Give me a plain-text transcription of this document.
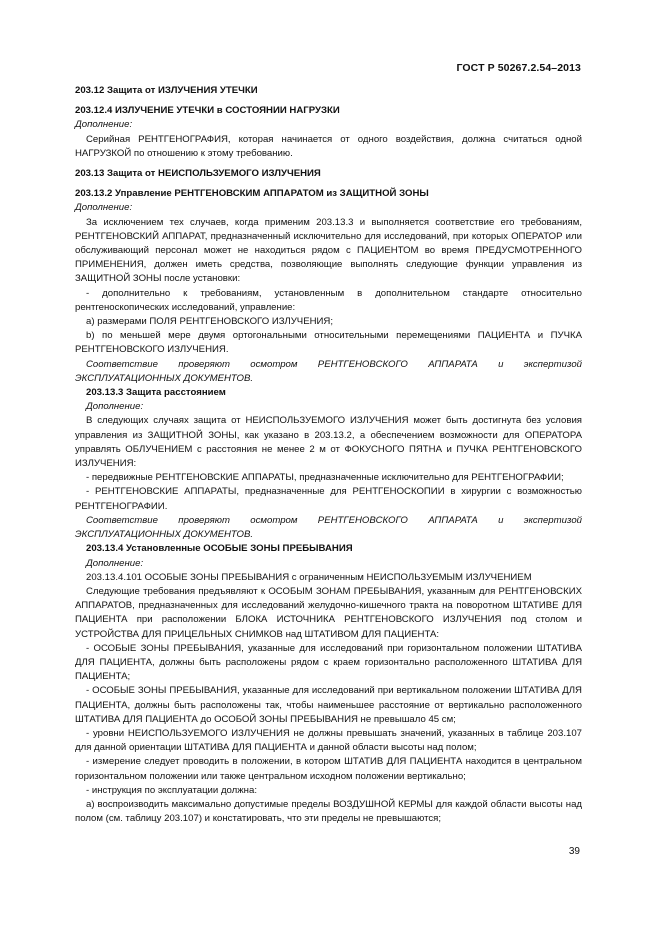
ГОСТ Р 50267.2.54–2013

203.12 Защита от ИЗЛУЧЕНИЯ УТЕЧКИ

203.12.4 ИЗЛУЧЕНИЕ УТЕЧКИ в СОСТОЯНИИ НАГРУЗКИ

Дополнение:

Серийная РЕНТГЕНОГРАФИЯ, которая начинается от одного воздействия, должна считаться одной НАГРУЗКОЙ по отношению к этому требованию.

203.13 Защита от НЕИСПОЛЬЗУЕМОГО ИЗЛУЧЕНИЯ

203.13.2 Управление РЕНТГЕНОВСКИМ АППАРАТОМ из ЗАЩИТНОЙ ЗОНЫ

Дополнение:

За исключением тех случаев, когда применим 203.13.3 и выполняется соответствие его требованиям, РЕНТГЕНОВСКИЙ АППАРАТ, предназначенный исключительно для исследований, при которых ОПЕРАТОР или обслуживающий персонал может не находиться рядом с ПАЦИЕНТОМ во время ПРЕДУСМОТРЕННОГО ПРИМЕНЕНИЯ, должен иметь средства, позволяющие выполнять следующие функции управления из ЗАЩИТНОЙ ЗОНЫ после установки:

- дополнительно к требованиям, установленным в дополнительном стандарте относительно рентгеноскопических исследований, управление:

a) размерами ПОЛЯ РЕНТГЕНОВСКОГО ИЗЛУЧЕНИЯ;

b) по меньшей мере двумя ортогональными относительными перемещениями ПАЦИЕНТА и ПУЧКА РЕНТГЕНОВСКОГО ИЗЛУЧЕНИЯ.

Соответствие проверяют осмотром РЕНТГЕНОВСКОГО АППАРАТА и экспертизой ЭКСПЛУАТАЦИОННЫХ ДОКУМЕНТОВ.

203.13.3 Защита расстоянием

Дополнение:

В следующих случаях защита от НЕИСПОЛЬЗУЕМОГО ИЗЛУЧЕНИЯ может быть достигнута без условия управления из ЗАЩИТНОЙ ЗОНЫ, как указано в 203.13.2, а обеспечением возможности для ОПЕРАТОРА управлять ОБЛУЧЕНИЕМ с расстояния не менее 2 м от ФОКУСНОГО ПЯТНА и ПУЧКА РЕНТГЕНОВСКОГО ИЗЛУЧЕНИЯ:

- передвижные РЕНТГЕНОВСКИЕ АППАРАТЫ, предназначенные исключительно для РЕНТГЕНОГРАФИИ;

- РЕНТГЕНОВСКИЕ АППАРАТЫ, предназначенные для РЕНТГЕНОСКОПИИ в хирургии с возможностью РЕНТГЕНОГРАФИИ.

Соответствие проверяют осмотром РЕНТГЕНОВСКОГО АППАРАТА и экспертизой ЭКСПЛУАТАЦИОННЫХ ДОКУМЕНТОВ.

203.13.4 Установленные ОСОБЫЕ ЗОНЫ ПРЕБЫВАНИЯ

Дополнение:

203.13.4.101 ОСОБЫЕ ЗОНЫ ПРЕБЫВАНИЯ с ограниченным НЕИСПОЛЬЗУЕМЫМ ИЗЛУЧЕНИЕМ

Следующие требования предъявляют к ОСОБЫМ ЗОНАМ ПРЕБЫВАНИЯ, указанным для РЕНТГЕНОВСКИХ АППАРАТОВ, предназначенных для исследований желудочно-кишечного тракта на поворотном ШТАТИВЕ ДЛЯ ПАЦИЕНТА при расположении БЛОКА ИСТОЧНИКА РЕНТГЕНОВСКОГО ИЗЛУЧЕНИЯ под столом и УСТРОЙСТВА ДЛЯ ПРИЦЕЛЬНЫХ СНИМКОВ над ШТАТИВОМ ДЛЯ ПАЦИЕНТА:

- ОСОБЫЕ ЗОНЫ ПРЕБЫВАНИЯ, указанные для исследований при горизонтальном положении ШТАТИВА ДЛЯ ПАЦИЕНТА, должны быть расположены рядом с краем горизонтально расположенного ШТАТИВА ДЛЯ ПАЦИЕНТА;

- ОСОБЫЕ ЗОНЫ ПРЕБЫВАНИЯ, указанные для исследований при вертикальном положении ШТАТИВА ДЛЯ ПАЦИЕНТА, должны быть расположены так, чтобы наименьшее расстояние от вертикально расположенного ШТАТИВА ДЛЯ ПАЦИЕНТА до ОСОБОЙ ЗОНЫ ПРЕБЫВАНИЯ не превышало 45 см;

- уровни НЕИСПОЛЬЗУЕМОГО ИЗЛУЧЕНИЯ не должны превышать значений, указанных в таблице 203.107 для данной ориентации ШТАТИВА ДЛЯ ПАЦИЕНТА и данной области высоты над полом;

- измерение следует проводить в положении, в котором ШТАТИВ ДЛЯ ПАЦИЕНТА находится в центральном горизонтальном положении или также центральном исходном положении вертикально;

- инструкция по эксплуатации должна:

a) воспроизводить максимально допустимые пределы ВОЗДУШНОЙ КЕРМЫ для каждой области высоты над полом (см. таблицу 203.107) и констатировать, что эти пределы не превышаются;

39
